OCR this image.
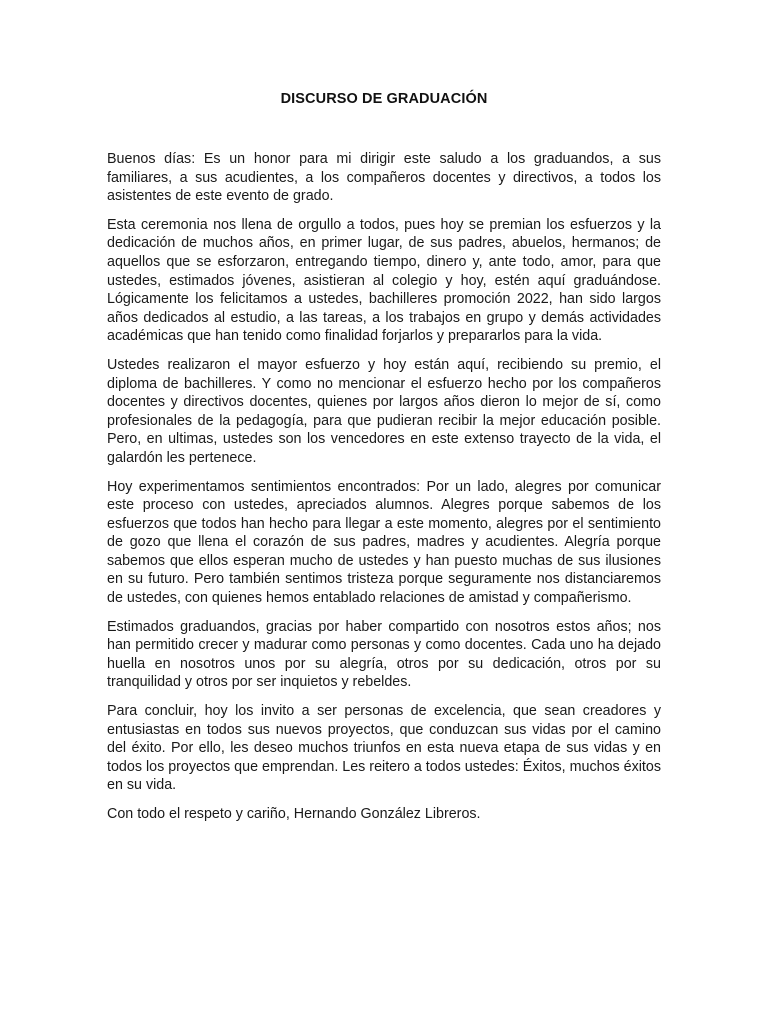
DISCURSO DE GRADUACIÓN

Buenos días: Es un honor para mi dirigir este saludo a los graduandos, a sus familiares, a sus acudientes, a los compañeros docentes y directivos, a todos los asistentes de este evento de grado.

Esta ceremonia nos llena de orgullo a todos, pues hoy se premian los esfuerzos y la dedicación de muchos años, en primer lugar, de sus padres, abuelos, hermanos; de aquellos que se esforzaron, entregando tiempo, dinero y, ante todo, amor, para que ustedes, estimados jóvenes, asistieran al colegio y hoy, estén aquí graduándose. Lógicamente los felicitamos a ustedes, bachilleres promoción 2022, han sido largos años dedicados al estudio, a las tareas, a los trabajos en grupo y demás actividades académicas que han tenido como finalidad forjarlos y prepararlos para la vida.

Ustedes realizaron el mayor esfuerzo y hoy están aquí, recibiendo su premio, el diploma de bachilleres. Y como no mencionar el esfuerzo hecho por los compañeros docentes y directivos docentes, quienes por largos años dieron lo mejor de sí, como profesionales de la pedagogía, para que pudieran recibir la mejor educación posible. Pero, en ultimas, ustedes son los vencedores en este extenso trayecto de la vida, el galardón les pertenece.

Hoy experimentamos sentimientos encontrados: Por un lado, alegres por comunicar este proceso con ustedes, apreciados alumnos. Alegres porque sabemos de los esfuerzos que todos han hecho para llegar a este momento, alegres por el sentimiento de gozo que llena el corazón de sus padres, madres y acudientes. Alegría porque sabemos que ellos esperan mucho de ustedes y han puesto muchas de sus ilusiones en su futuro. Pero también sentimos tristeza porque seguramente nos distanciaremos de ustedes, con quienes hemos entablado relaciones de amistad y compañerismo.

Estimados graduandos, gracias por haber compartido con nosotros estos años; nos han permitido crecer y madurar como personas y como docentes. Cada uno ha dejado huella en nosotros unos por su alegría, otros por su dedicación, otros por su tranquilidad y otros por ser inquietos y rebeldes.

Para concluir, hoy los invito a ser personas de excelencia, que sean creadores y entusiastas en todos sus nuevos proyectos, que conduzcan sus vidas por el camino del éxito. Por ello, les deseo muchos triunfos en esta nueva etapa de sus vidas y en todos los proyectos que emprendan. Les reitero a todos ustedes: Éxitos, muchos éxitos en su vida.

Con todo el respeto y cariño, Hernando González Libreros.
